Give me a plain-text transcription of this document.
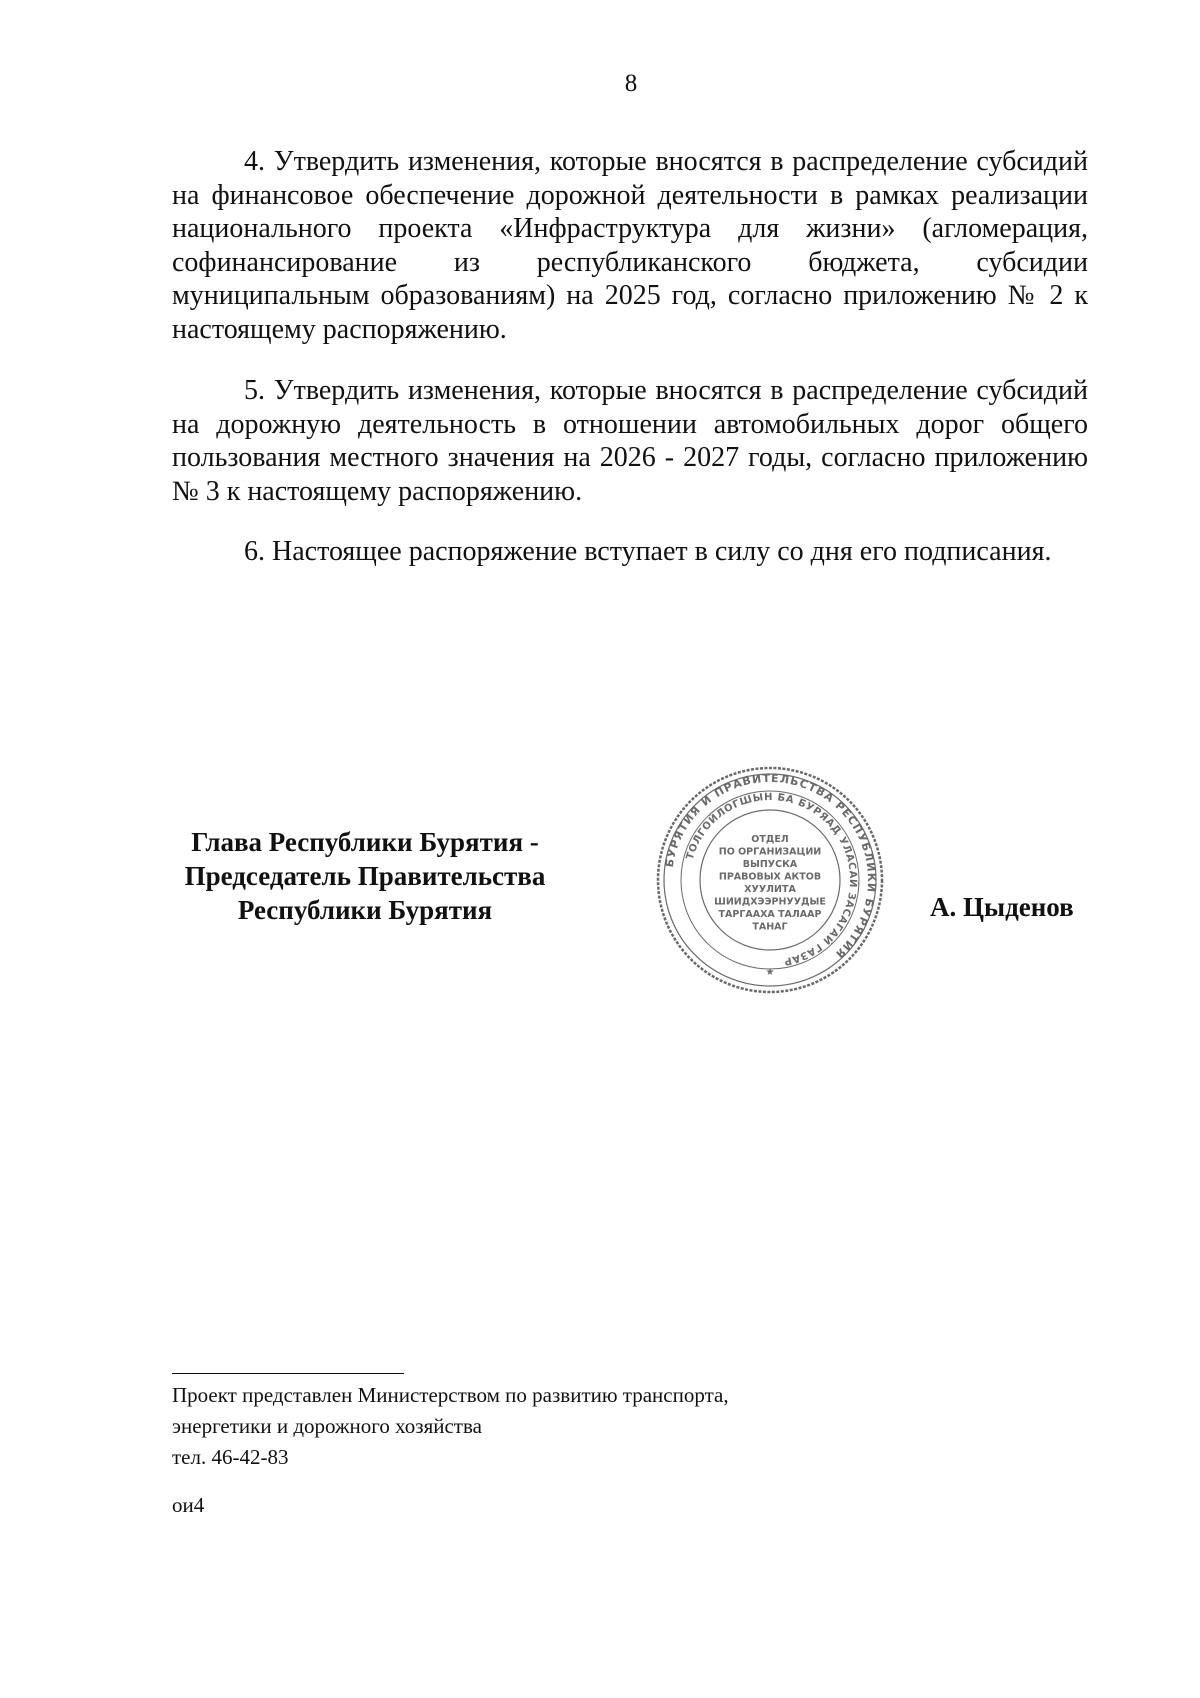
8

4. Утвердить изменения, которые вносятся в распределение субсидий на финансовое обеспечение дорожной деятельности в рамках реализации национального проекта «Инфраструктура для жизни» (агломерация, софинансирование из республиканского бюджета, субсидии муниципальным образованиям) на 2025 год, согласно приложению № 2 к настоящему распоряжению.

5. Утвердить изменения, которые вносятся в распределение субсидий на дорожную деятельность в отношении автомобильных дорог общего пользования местного значения на 2026 - 2027 годы, согласно приложению № 3 к настоящему распоряжению.

6. Настоящее распоряжение вступает в силу со дня его подписания.

Глава Республики Бурятия -
Председатель Правительства
Республики Бурятия
БУРЯТИЯ И ПРАВИТЕЛЬСТВА РЕСПУБЛИКИ БУРЯТИЯ
ТОЛГОЙЛОГШЫН БА БУРЯАД УЛАСАЙ ЗАСАГАЙ ГАЗАР
ОТДЕЛ
ПО ОРГАНИЗАЦИИ
ВЫПУСКА
ПРАВОВЫХ АКТОВ
ХУУЛИТА
ШИИДХЭЭРНУУДЫЕ
ТАРГААХА ТАЛААР
ТАНАГ
★
А. Цыденов
Проект представлен Министерством по развитию транспорта,
энергетики и дорожного хозяйства
тел. 46-42-83
ои4
